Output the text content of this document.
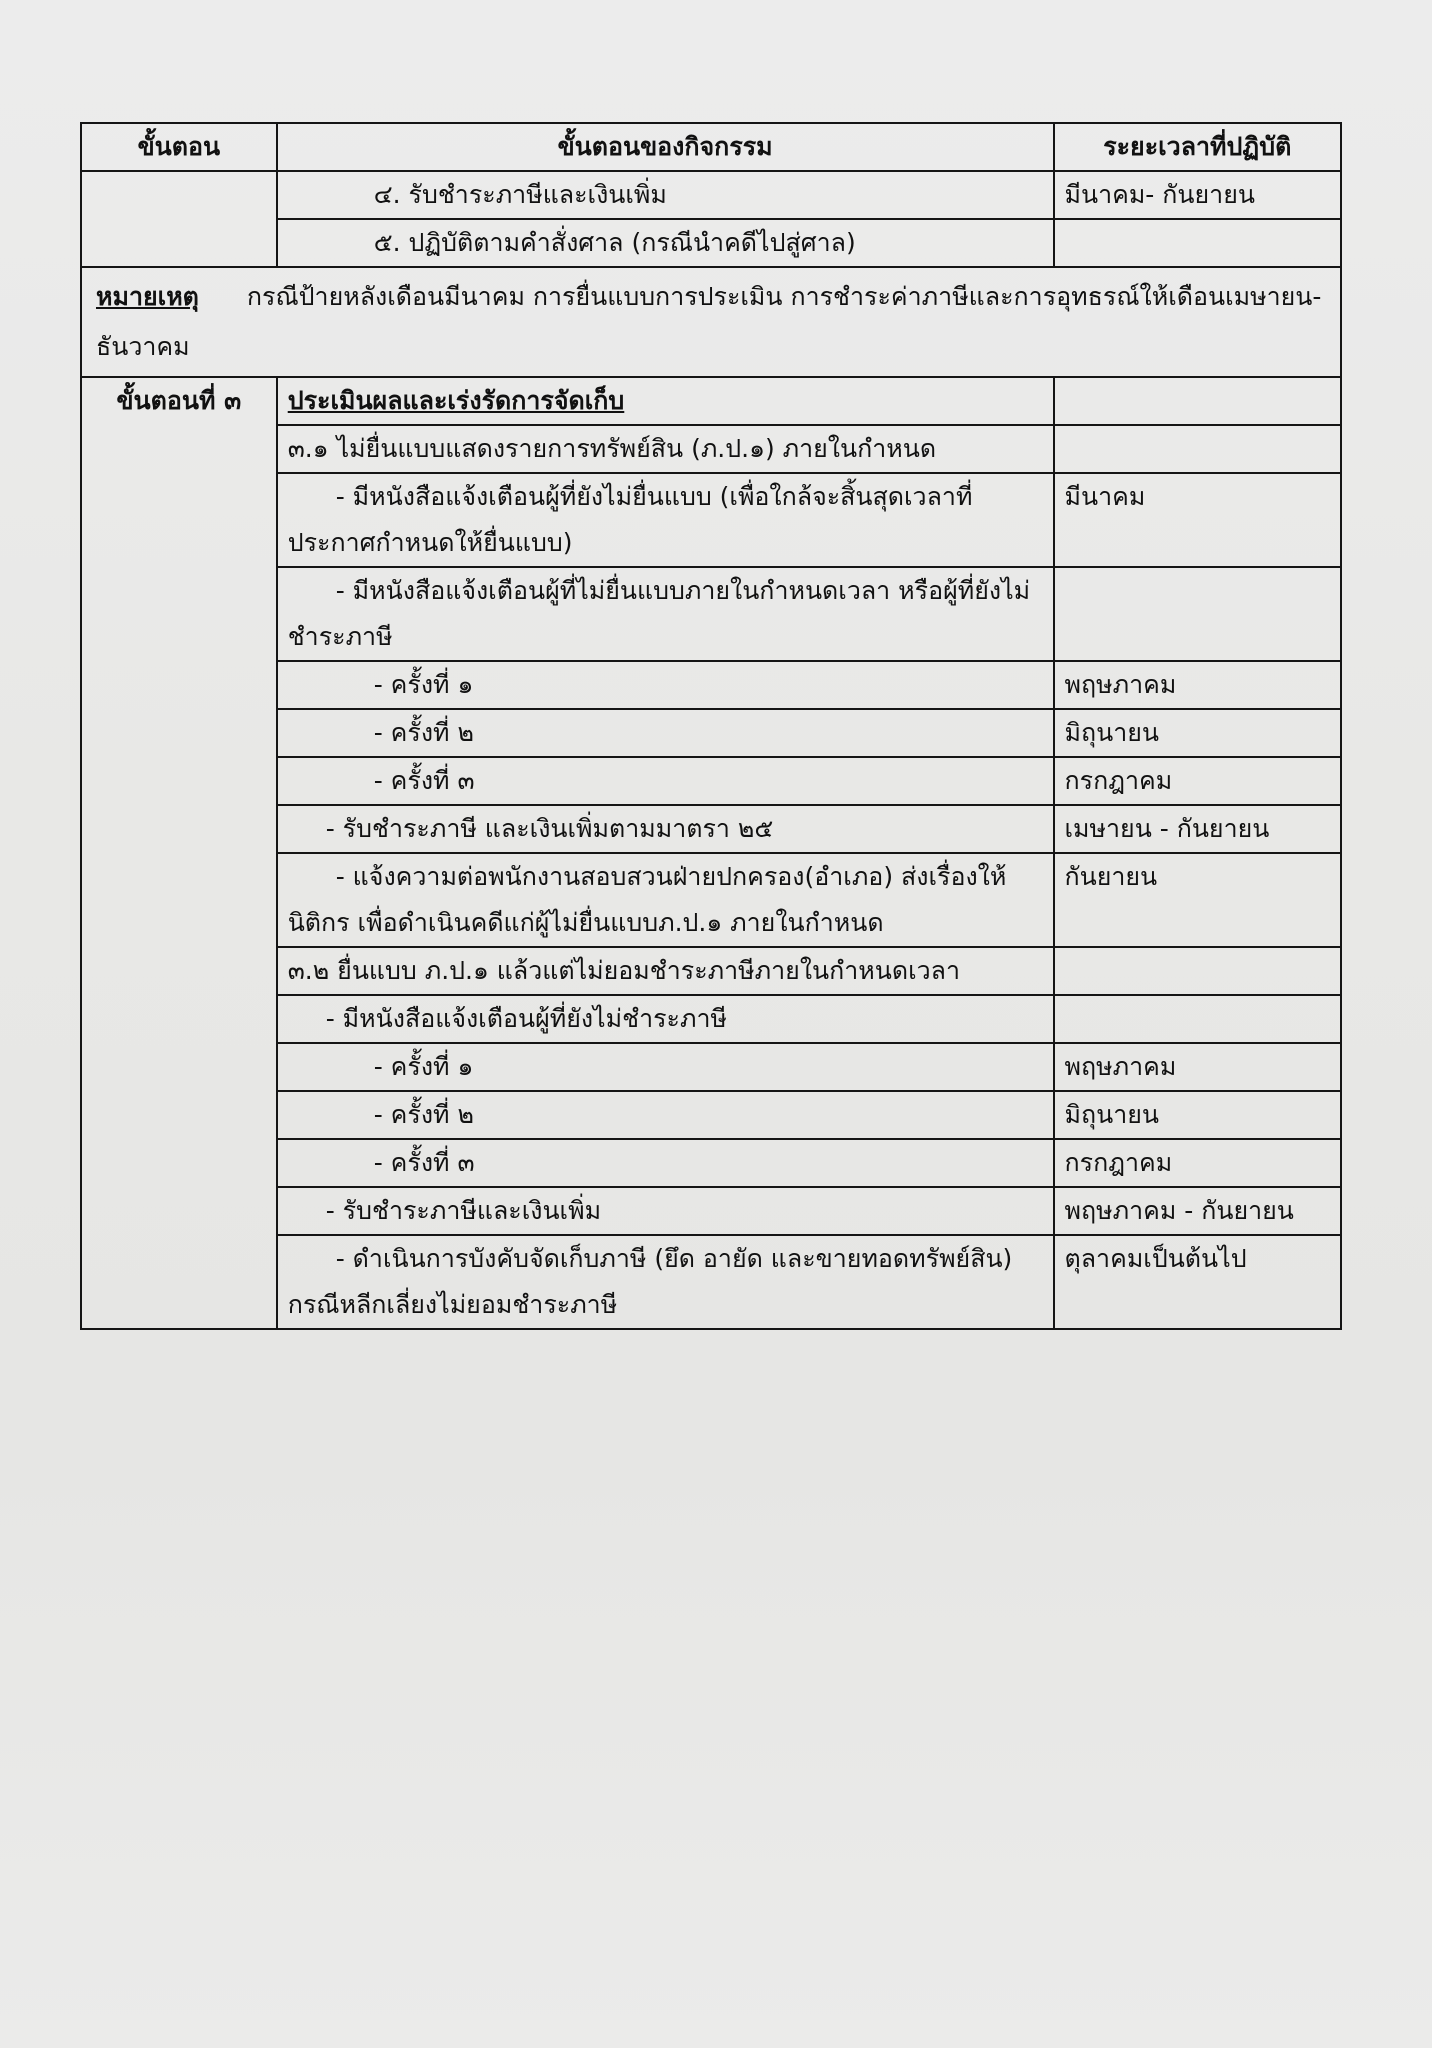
ขั้นตอน	ขั้นตอนของกิจกรรม	ระยะเวลาที่ปฏิบัติ
	๔. รับชำระภาษีและเงินเพิ่ม	มีนาคม- กันยายน
	๕. ปฏิบัติตามคำสั่งศาล (กรณีนำคดีไปสู่ศาล)	
หมายเหตุ กรณีป้ายหลังเดือนมีนาคม การยื่นแบบการประเมิน การชำระค่าภาษีและการอุทธรณ์ให้เดือนเมษายน-ธันวาคม		
ขั้นตอนที่ ๓	ประเมินผลและเร่งรัดการจัดเก็บ	
	๓.๑ ไม่ยื่นแบบแสดงรายการทรัพย์สิน (ภ.ป.๑) ภายในกำหนด	
	- มีหนังสือแจ้งเตือนผู้ที่ยังไม่ยื่นแบบ (เพื่อใกล้จะสิ้นสุดเวลาที่ประกาศกำหนดให้ยื่นแบบ)	มีนาคม
	- มีหนังสือแจ้งเตือนผู้ที่ไม่ยื่นแบบภายในกำหนดเวลา หรือผู้ที่ยังไม่ชำระภาษี	
	- ครั้งที่ ๑	พฤษภาคม
	- ครั้งที่ ๒	มิถุนายน
	- ครั้งที่ ๓	กรกฎาคม
	- รับชำระภาษี และเงินเพิ่มตามมาตรา ๒๕	เมษายน - กันยายน
	- แจ้งความต่อพนักงานสอบสวนฝ่ายปกครอง(อำเภอ) ส่งเรื่องให้นิติกร เพื่อดำเนินคดีแก่ผู้ไม่ยื่นแบบภ.ป.๑ ภายในกำหนด	กันยายน
	๓.๒ ยื่นแบบ ภ.ป.๑ แล้วแต่ไม่ยอมชำระภาษีภายในกำหนดเวลา	
	- มีหนังสือแจ้งเตือนผู้ที่ยังไม่ชำระภาษี	
	- ครั้งที่ ๑	พฤษภาคม
	- ครั้งที่ ๒	มิถุนายน
	- ครั้งที่ ๓	กรกฎาคม
	- รับชำระภาษีและเงินเพิ่ม	พฤษภาคม - กันยายน
	- ดำเนินการบังคับจัดเก็บภาษี (ยึด อายัด และขายทอดทรัพย์สิน) กรณีหลีกเลี่ยงไม่ยอมชำระภาษี	ตุลาคมเป็นต้นไป
